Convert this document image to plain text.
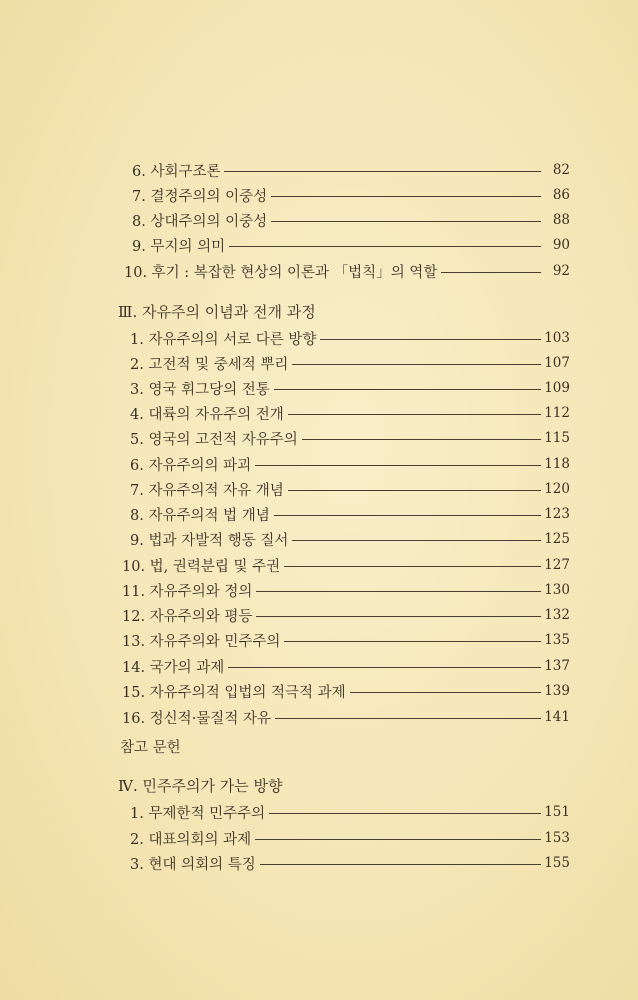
6. 사회구조론	82
7. 결정주의의 이중성	86
8. 상대주의의 이중성	88
9. 무지의 의미	90
10. 후기 : 복잡한 현상의 이론과 「법칙」의 역할	92
Ⅲ. 자유주의 이념과 전개 과정
1. 자유주의의 서로 다른 방향	103
2. 고전적 및 중세적 뿌리	107
3. 영국 휘그당의 전통	109
4. 대륙의 자유주의 전개	112
5. 영국의 고전적 자유주의	115
6. 자유주의의 파괴	118
7. 자유주의적 자유 개념	120
8. 자유주의적 법 개념	123
9. 법과 자발적 행동 질서	125
10. 법, 권력분립 및 주권	127
11. 자유주의와 정의	130
12. 자유주의와 평등	132
13. 자유주의와 민주주의	135
14. 국가의 과제	137
15. 자유주의적 입법의 적극적 과제	139
16. 정신적·물질적 자유	141
참고 문헌
Ⅳ. 민주주의가 가는 방향
1. 무제한적 민주주의	151
2. 대표의회의 과제	153
3. 현대 의회의 특징	155
